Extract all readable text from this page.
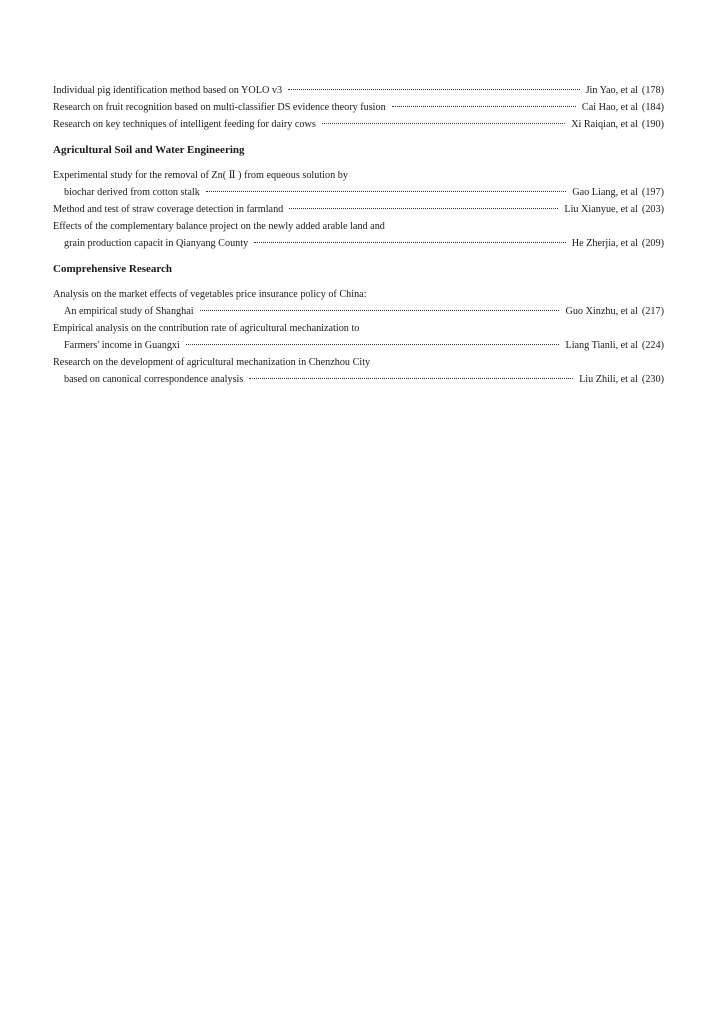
Individual pig identification method based on YOLO v3	Jin Yao, et al (178)
Research on fruit recognition based on multi-classifier DS evidence theory fusion	Cai Hao, et al (184)
Research on key techniques of intelligent feeding for dairy cows	Xi Raiqian, et al (190)
Agricultural Soil and Water Engineering
Experimental study for the removal of Zn( Ⅱ ) from equeous solution by
biochar derived from cotton stalk	Gao Liang, et al (197)
Method and test of straw coverage detection in farmland	Liu Xianyue, et al (203)
Effects of the complementary balance project on the newly added arable land and
grain production capacit in Qianyang County	He Zherjia, et al (209)
Comprehensive Research
Analysis on the market effects of vegetables price insurance policy of China:
An empirical study of Shanghai	Guo Xinzhu, et al (217)
Empirical analysis on the contribution rate of agricultural mechanization to
Farmers' income in Guangxi	Liang Tianli, et al (224)
Research on the development of agricultural mechanization in Chenzhou City
based on canonical correspondence analysis	Liu Zhili, et al (230)
